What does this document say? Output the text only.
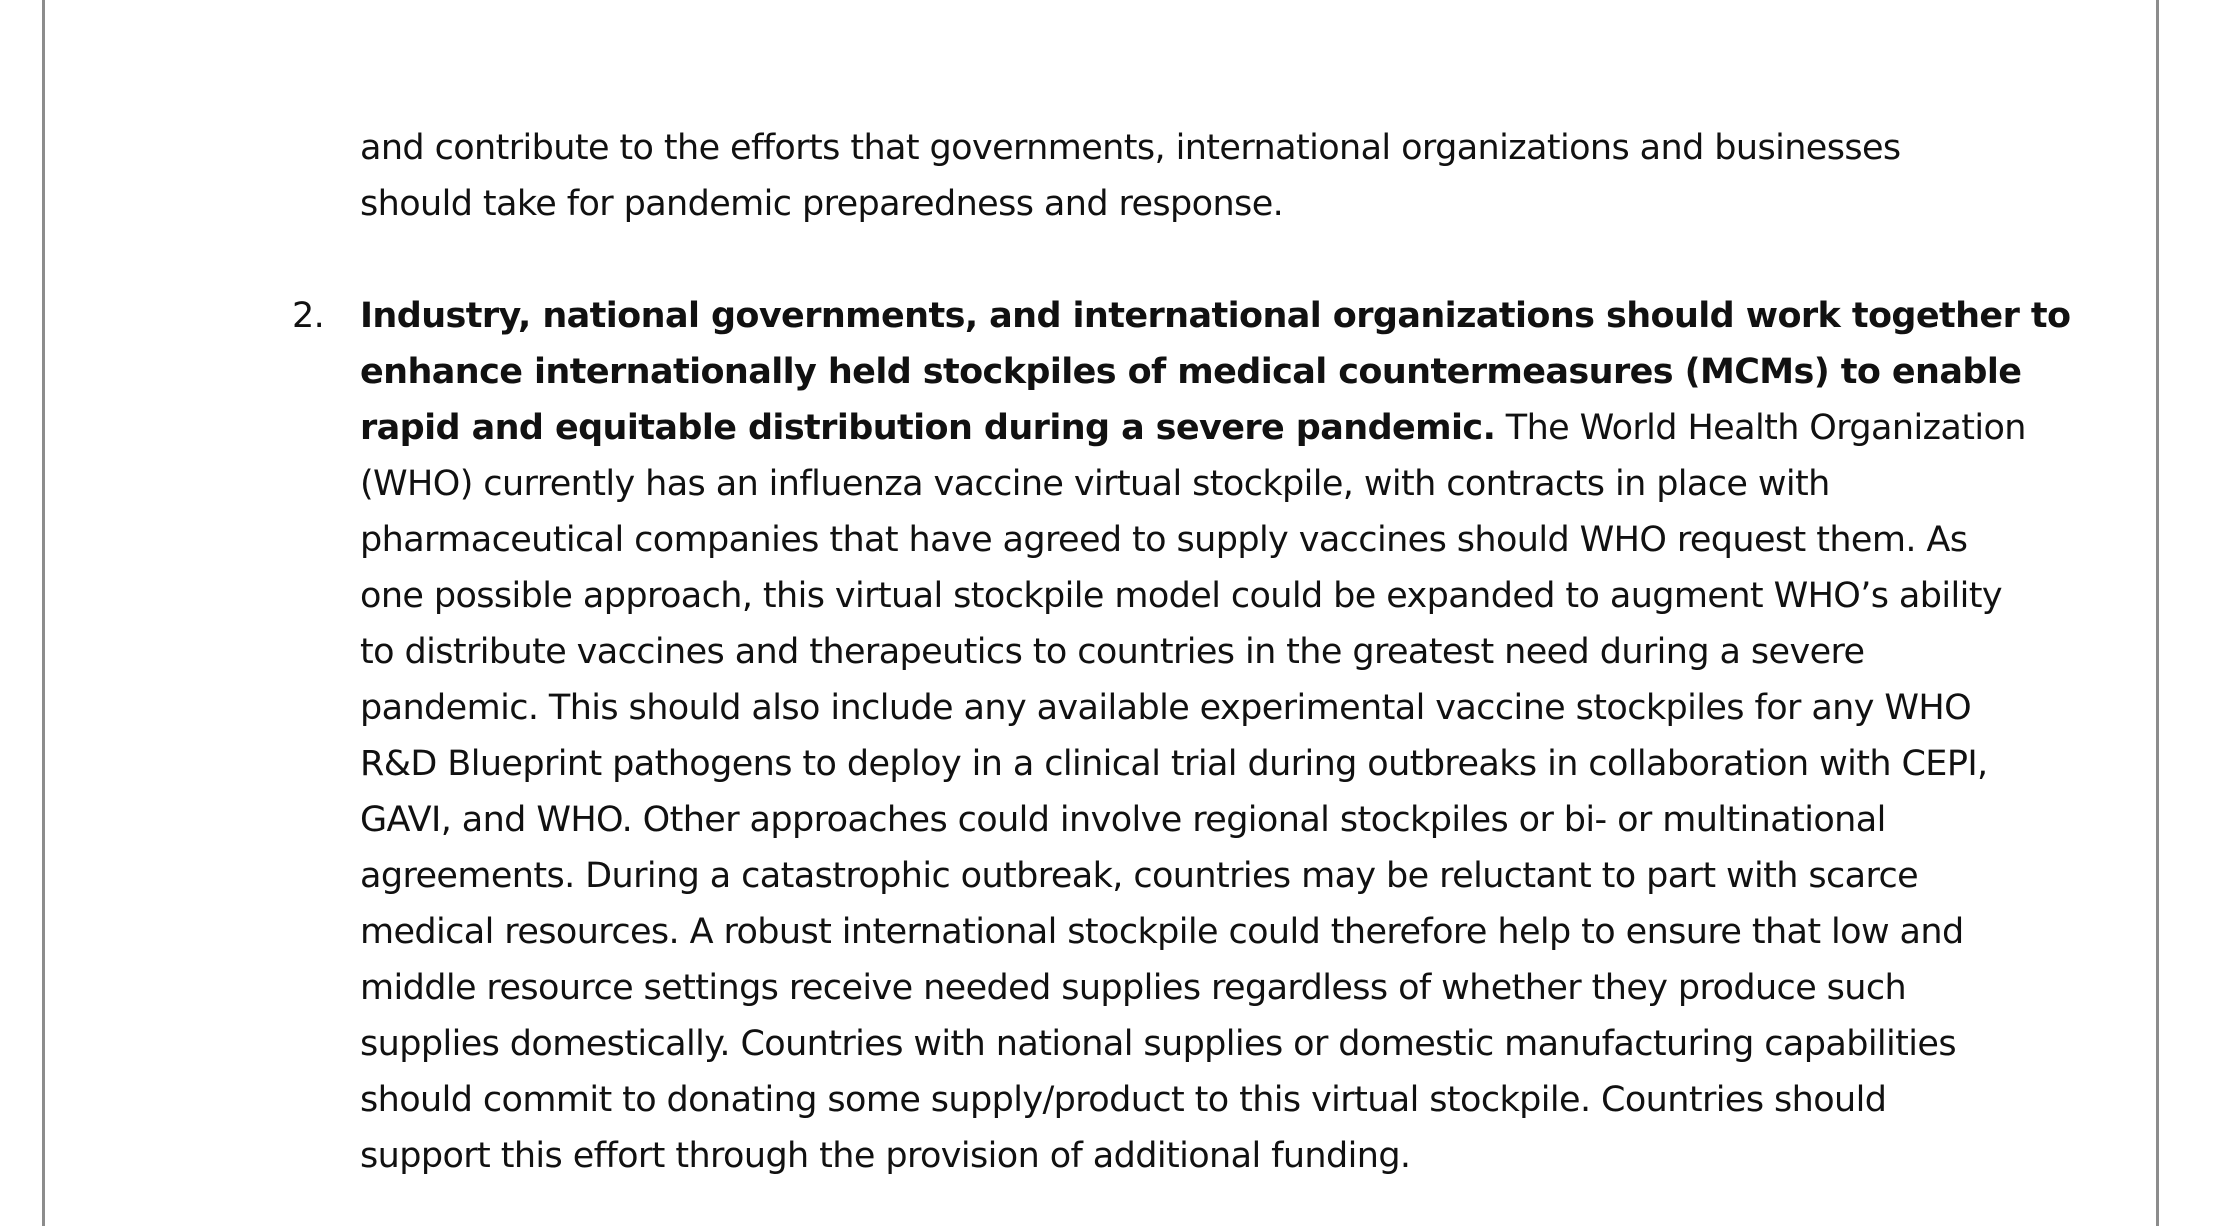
and contribute to the efforts that governments, international organizations and businesses
should take for pandemic preparedness and response.
2. Industry, national governments, and international organizations should work together to
enhance internationally held stockpiles of medical countermeasures (MCMs) to enable
rapid and equitable distribution during a severe pandemic. The World Health Organization
(WHO) currently has an influenza vaccine virtual stockpile, with contracts in place with
pharmaceutical companies that have agreed to supply vaccines should WHO request them. As
one possible approach, this virtual stockpile model could be expanded to augment WHO’s ability
to distribute vaccines and therapeutics to countries in the greatest need during a severe
pandemic. This should also include any available experimental vaccine stockpiles for any WHO
R&D Blueprint pathogens to deploy in a clinical trial during outbreaks in collaboration with CEPI,
GAVI, and WHO. Other approaches could involve regional stockpiles or bi- or multinational
agreements. During a catastrophic outbreak, countries may be reluctant to part with scarce
medical resources. A robust international stockpile could therefore help to ensure that low and
middle resource settings receive needed supplies regardless of whether they produce such
supplies domestically. Countries with national supplies or domestic manufacturing capabilities
should commit to donating some supply/product to this virtual stockpile. Countries should
support this effort through the provision of additional funding.
